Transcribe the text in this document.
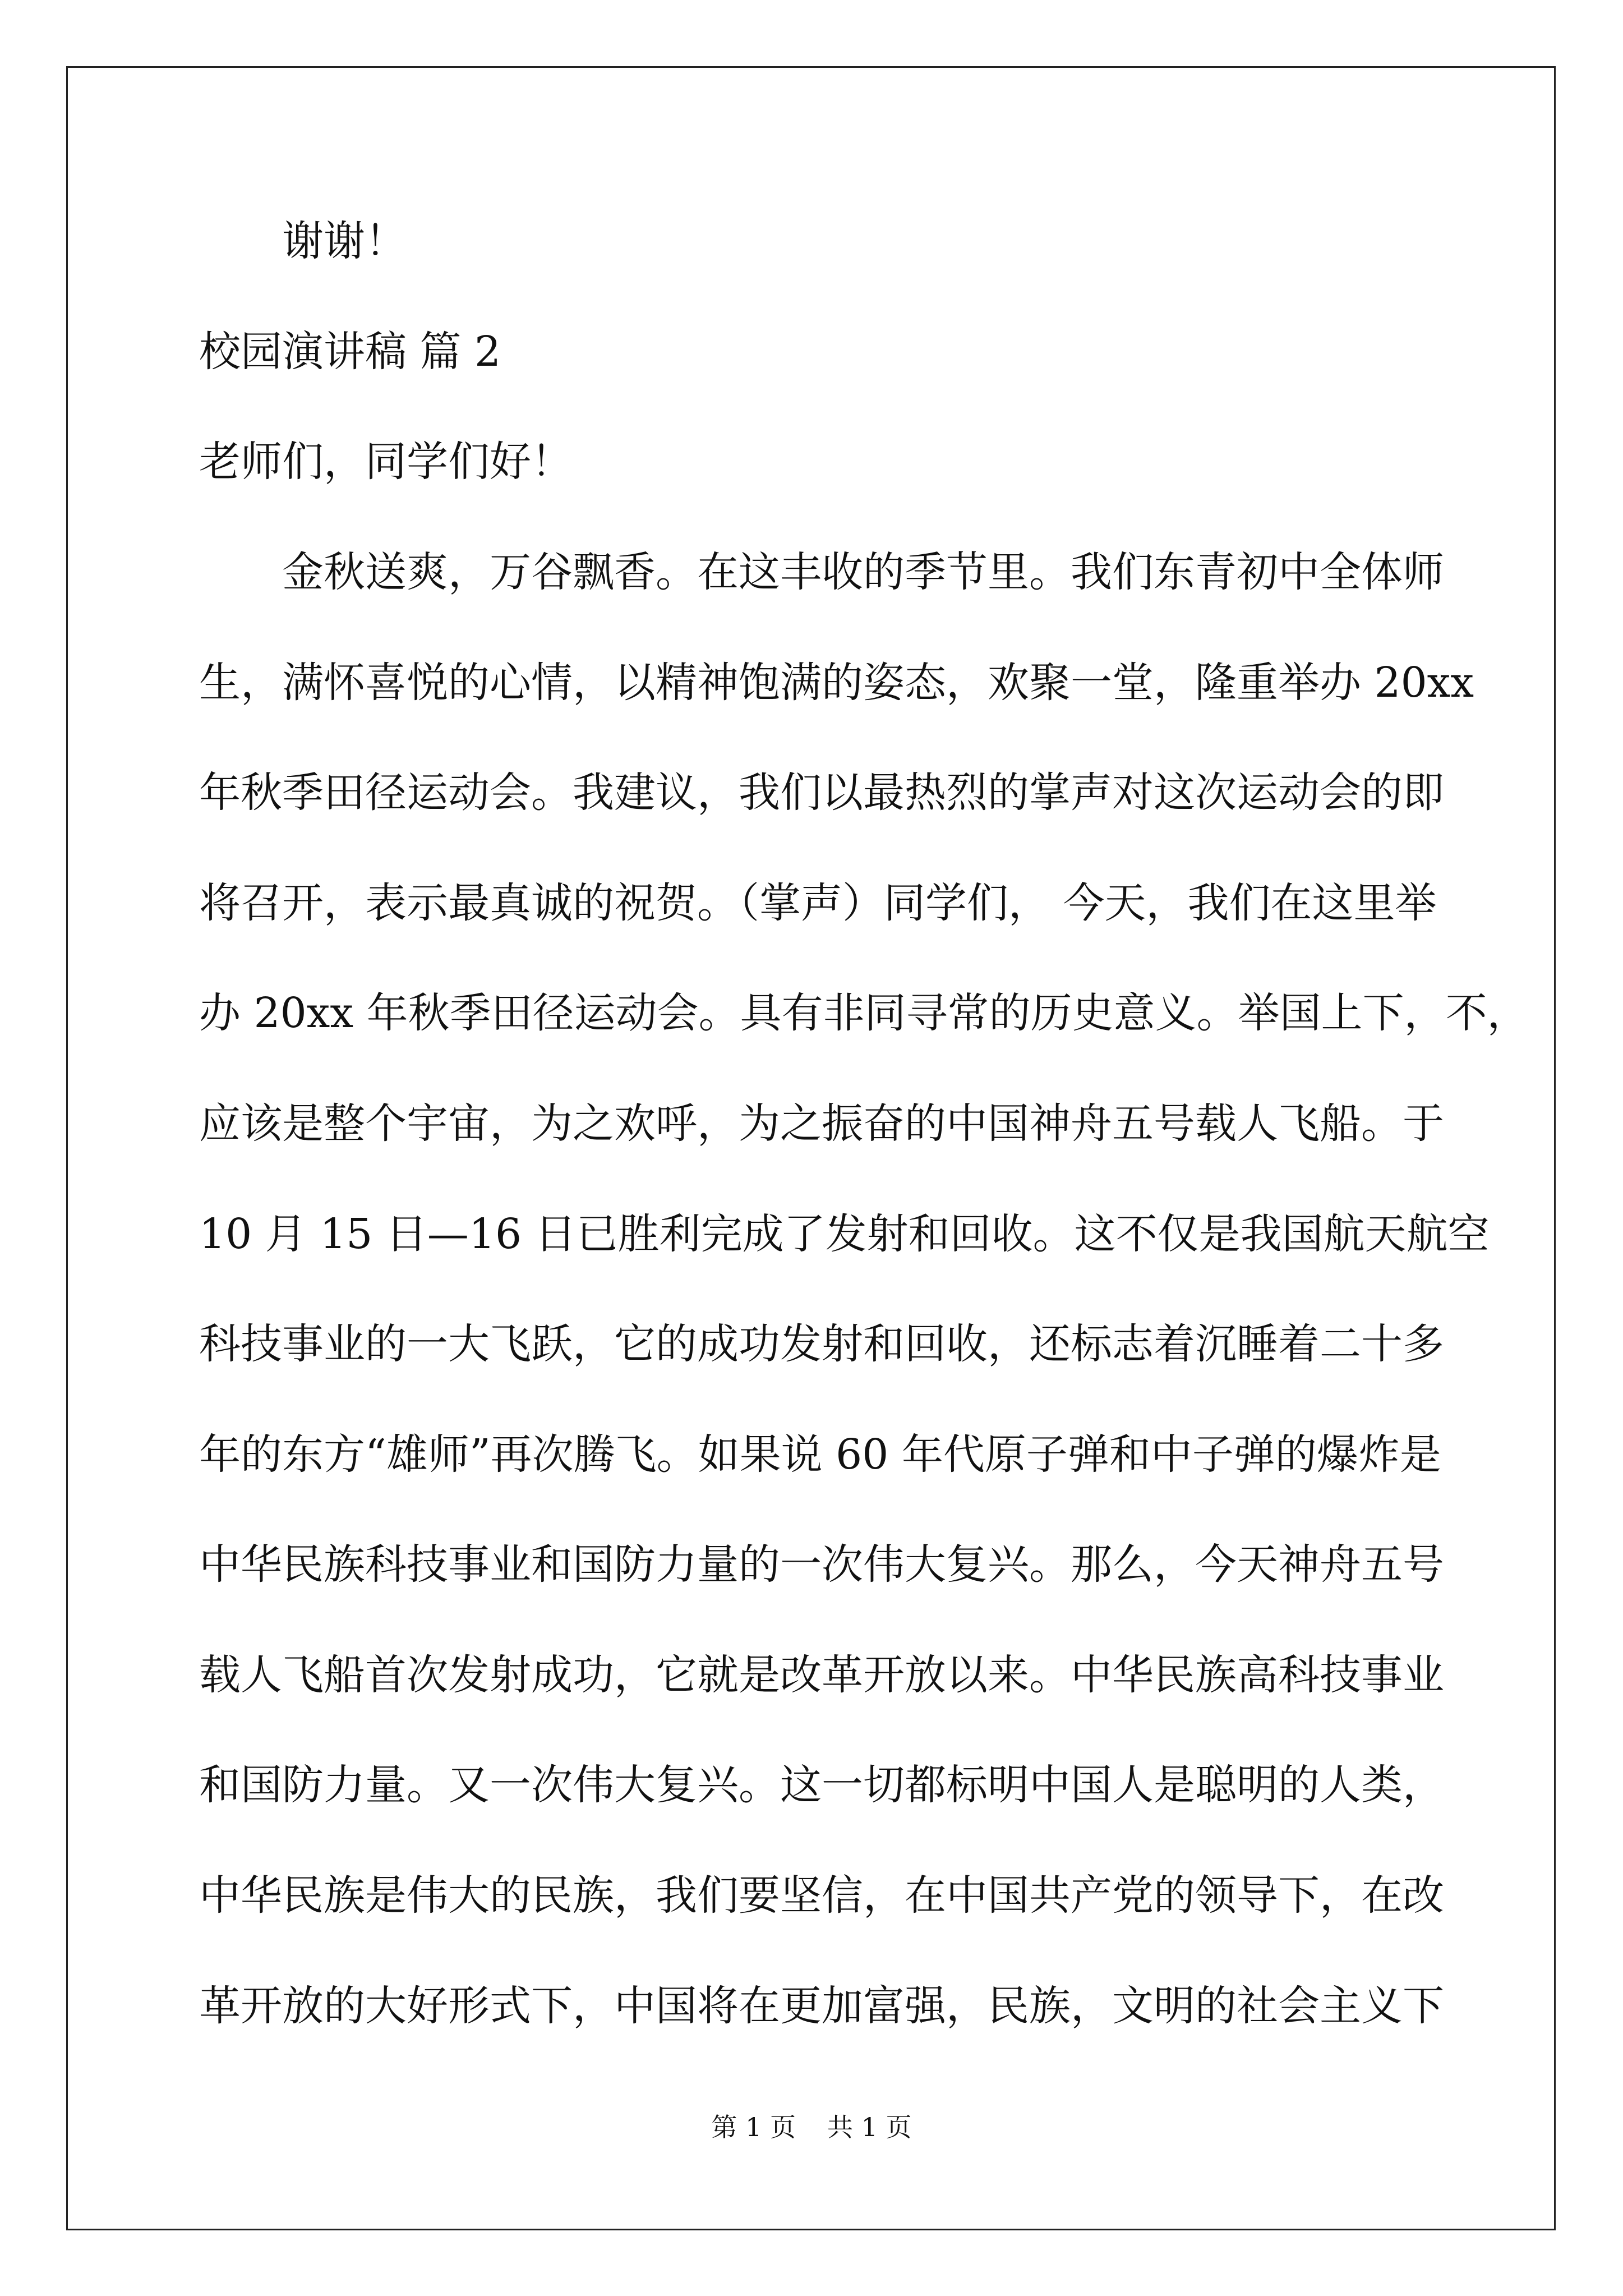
谢谢！
校园演讲稿 篇 2
老师们，同学们好！
金秋送爽，万谷飘香。在这丰收的季节里。我们东青初中全体师
生，满怀喜悦的心情，以精神饱满的姿态，欢聚一堂，隆重举办 20xx
年秋季田径运动会。我建议，我们以最热烈的掌声对这次运动会的即
将召开，表示最真诚的祝贺。（掌声）同学们， 今天，我们在这里举
办 20xx 年秋季田径运动会。具有非同寻常的历史意义。举国上下，不，
应该是整个宇宙，为之欢呼，为之振奋的中国神舟五号载人飞船。于
10 月 15 日—16 日已胜利完成了发射和回收。这不仅是我国航天航空
科技事业的一大飞跃，它的成功发射和回收，还标志着沉睡着二十多
年的东方“雄师”再次腾飞。如果说 60 年代原子弹和中子弹的爆炸是
中华民族科技事业和国防力量的一次伟大复兴。那么，今天神舟五号
载人飞船首次发射成功，它就是改革开放以来。中华民族高科技事业
和国防力量。又一次伟大复兴。这一切都标明中国人是聪明的人类，
中华民族是伟大的民族，我们要坚信，在中国共产党的领导下，在改
革开放的大好形式下，中国将在更加富强，民族，文明的社会主义下
第 1 页 共 1 页
